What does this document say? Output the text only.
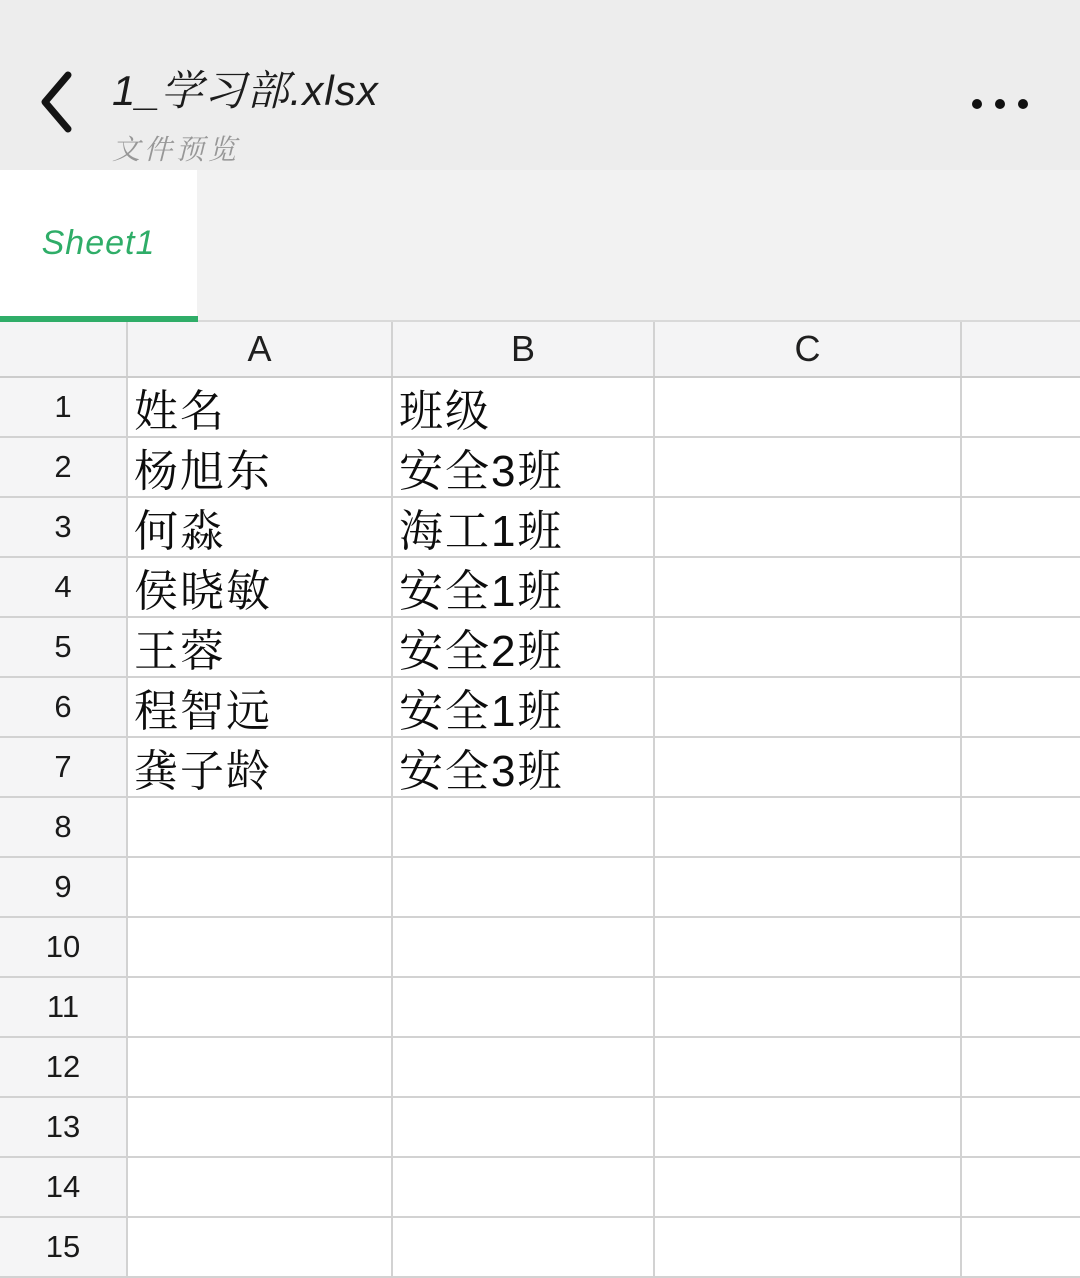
1_学习部.xlsx
文件预览
Sheet1
A	B	C
1	姓名	班级
2	杨旭东	安全3班
3	何淼	海工1班
4	侯晓敏	安全1班
5	王蓉	安全2班
6	程智远	安全1班
7	龚子龄	安全3班
8
9
10
11
12
13
14
15
